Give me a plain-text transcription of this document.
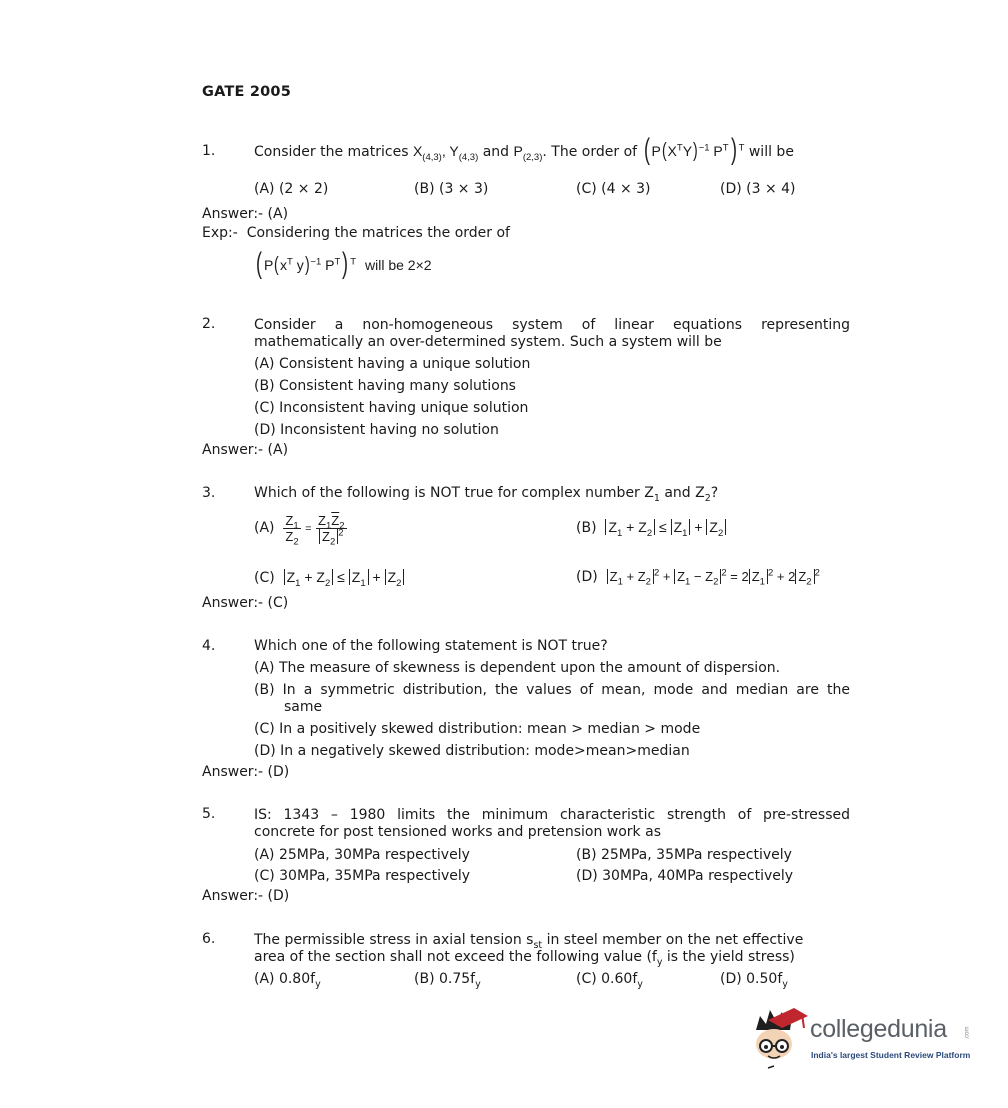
GATE 2005
1.	Consider the matrices $X_{(4,3)}$, $Y_{(4,3)}$ and $P_{(2,3)}$. The order of ( $P(X^TY)^{-1}$ $P^T$) $^T$ will be
(A) (2 × 2)	(B) (3 × 3)	(C) (4 × 3)	(D) (3 × 4)
Answer:- (A)
Exp:- Considering the matrices the order of
( $P(x^T$ y)$^{-1}$ $P^T$) $^T$ will be 2×2
2.	Consider a non-homogeneous system of linear equations representing
mathematically an over-determined system. Such a system will be
(A) Consistent having a unique solution
(B) Consistent having many solutions
(C) Inconsistent having unique solution
(D) Inconsistent having no solution
Answer:- (A)
3.	Which of the following is NOT true for complex number $Z_1$ and $Z_2$?
$(A) \frac{Z_1}{Z_2} = \frac{Z_1\overline{Z}_2}{Z_2^2}$	(B) $Z_1 + Z_2 \le Z_1 + Z_2$
(C) $Z_1 + Z_2 \le Z_1 + Z_2$	(D) $Z_1 + Z_2^2 + Z_1 - Z_2^2 = 2$ $Z_1^2 + 2$ $Z_2^2$
Answer:- (C)
4.	Which one of the following statement is NOT true?
(A) The measure of skewness is dependent upon the amount of dispersion.
(B) In a symmetric distribution, the values of mean, mode and median are the
same
(C) In a positively skewed distribution: mean > median > mode
(D) In a negatively skewed distribution: mode>mean>median
Answer:- (D)
5.	IS: 1343 – 1980 limits the minimum characteristic strength of pre-stressed
concrete for post tensioned works and pretension work as
(A) 25MPa, 30MPa respectively	(B) 25MPa, 35MPa respectively
(C) 30MPa, 35MPa respectively	(D) 30MPa, 40MPa respectively
Answer:- (D)
6.	The permissible stress in axial tension $s_{st}$ in steel member on the net effective
area of the section shall not exceed the following value ($f_y$ is the yield stress)
(A) $0.80f_y$	(B) $0.75f_y$	(C) $0.60f_y$	(D) $0.50f_y$
collegedunia	.com
India's largest Student Review Platform
